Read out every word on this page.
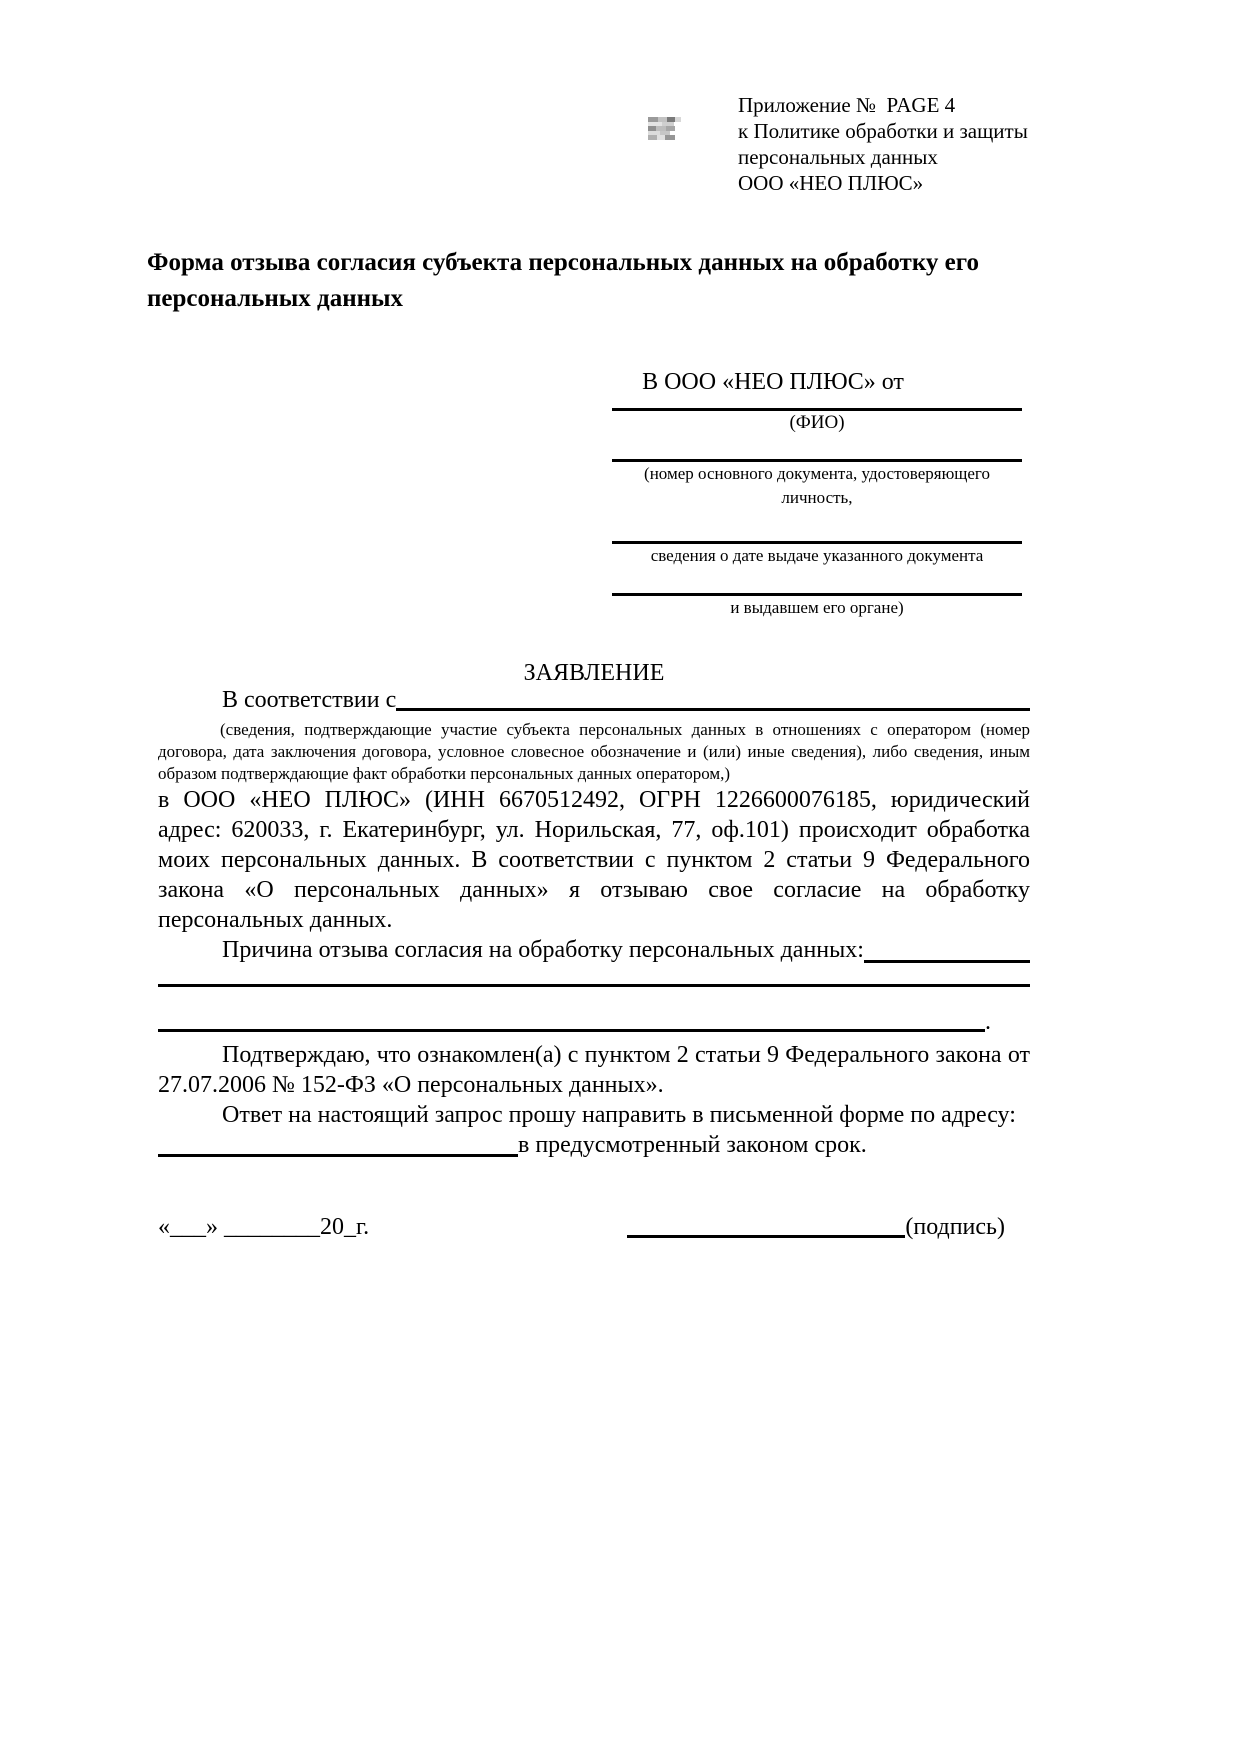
Приложение №  PAGE 4
к Политике обработки и защиты
персональных данных
ООО «НЕО ПЛЮС»

Форма отзыва согласия субъекта персональных данных на обработку его персональных данных

В ООО «НЕО ПЛЮС» от
(ФИО)
(номер основного документа, удостоверяющего личность,
сведения о дате выдаче указанного документа
и выдавшем его органе)
ЗАЯВЛЕНИЕ
В соответствии с

(сведения, подтверждающие участие субъекта персональных данных в отношениях с оператором (номер договора, дата заключения договора, условное словесное обозначение и (или) иные сведения), либо сведения, иным образом подтверждающие факт обработки персональных данных оператором,)

в ООО «НЕО ПЛЮС» (ИНН 6670512492, ОГРН 1226600076185, юридический адрес: 620033, г. Екатеринбург, ул. Норильская, 77, оф.101) происходит обработка моих персональных данных. В соответствии с пунктом 2 статьи 9 Федерального закона «О персональных данных» я отзываю свое согласие на обработку персональных данных.

Причина отзыва согласия на обработку персональных данных:
.

Подтверждаю, что ознакомлен(а) с пунктом 2 статьи 9 Федерального закона от 27.07.2006 № 152-ФЗ «О персональных данных».

Ответ на настоящий запрос прошу направить в письменной форме по адресу:

в предусмотренный законом срок.
«___» ________20_г.	(подпись)
